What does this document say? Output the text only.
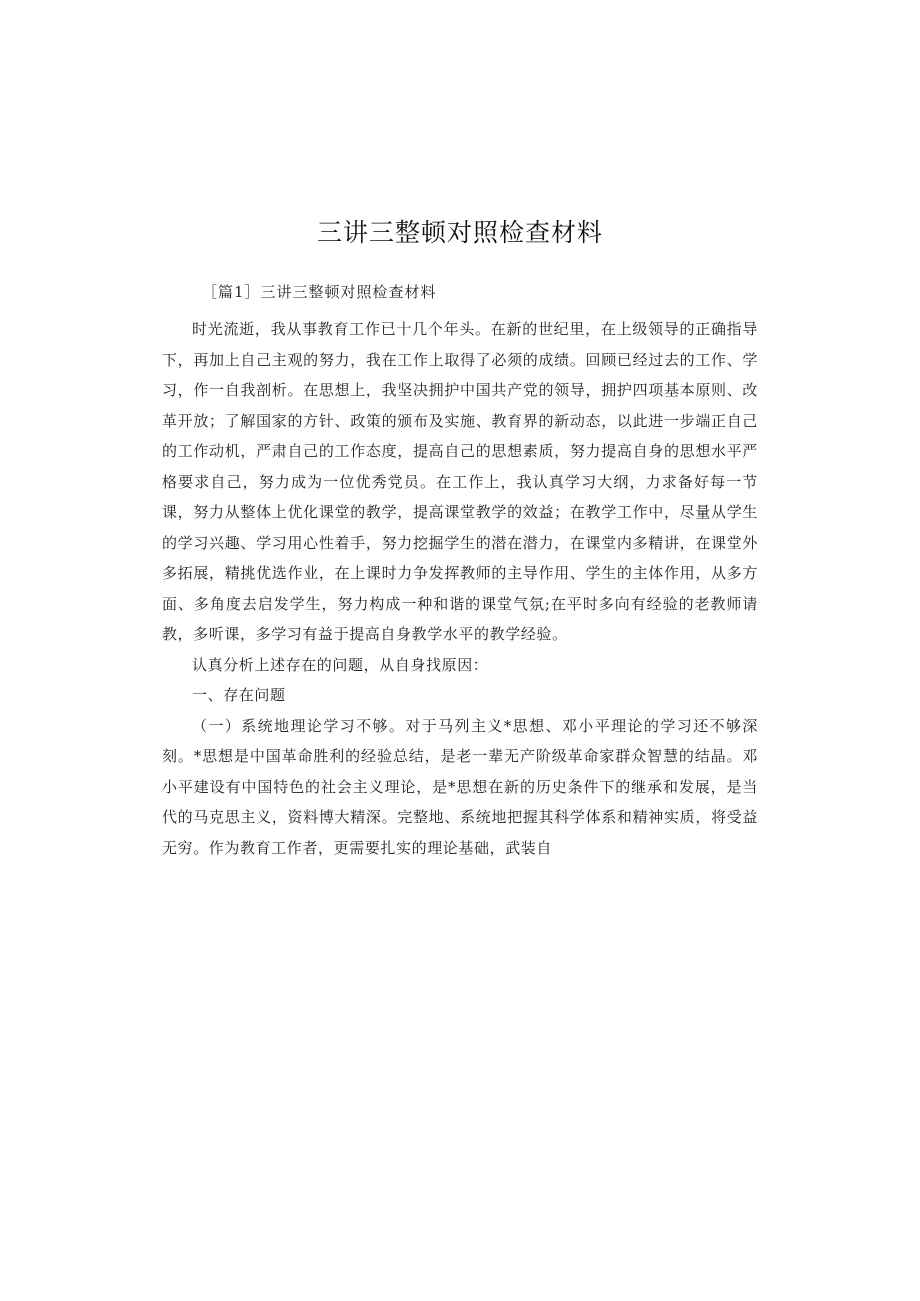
三讲三整顿对照检查材料
［篇1］三讲三整顿对照检查材料

时光流逝，我从事教育工作已十几个年头。在新的世纪里，在上级领导的正确指导下，再加上自己主观的努力，我在工作上取得了必须的成绩。回顾已经过去的工作、学习，作一自我剖析。在思想上，我坚决拥护中国共产党的领导，拥护四项基本原则、改革开放；了解国家的方针、政策的颁布及实施、教育界的新动态，以此进一步端正自己的工作动机，严肃自己的工作态度，提高自己的思想素质，努力提高自身的思想水平严格要求自己，努力成为一位优秀党员。在工作上，我认真学习大纲，力求备好每一节课，努力从整体上优化课堂的教学，提高课堂教学的效益；在教学工作中，尽量从学生的学习兴趣、学习用心性着手，努力挖掘学生的潜在潜力，在课堂内多精讲，在课堂外多拓展，精挑优选作业，在上课时力争发挥教师的主导作用、学生的主体作用，从多方面、多角度去启发学生，努力构成一种和谐的课堂气氛;在平时多向有经验的老教师请教，多听课，多学习有益于提高自身教学水平的教学经验。

认真分析上述存在的问题，从自身找原因：

一、存在问题

（一）系统地理论学习不够。对于马列主义*思想、邓小平理论的学习还不够深刻。*思想是中国革命胜利的经验总结，是老一辈无产阶级革命家群众智慧的结晶。邓小平建设有中国特色的社会主义理论，是*思想在新的历史条件下的继承和发展，是当代的马克思主义，资料博大精深。完整地、系统地把握其科学体系和精神实质，将受益无穷。作为教育工作者，更需要扎实的理论基础，武装自
